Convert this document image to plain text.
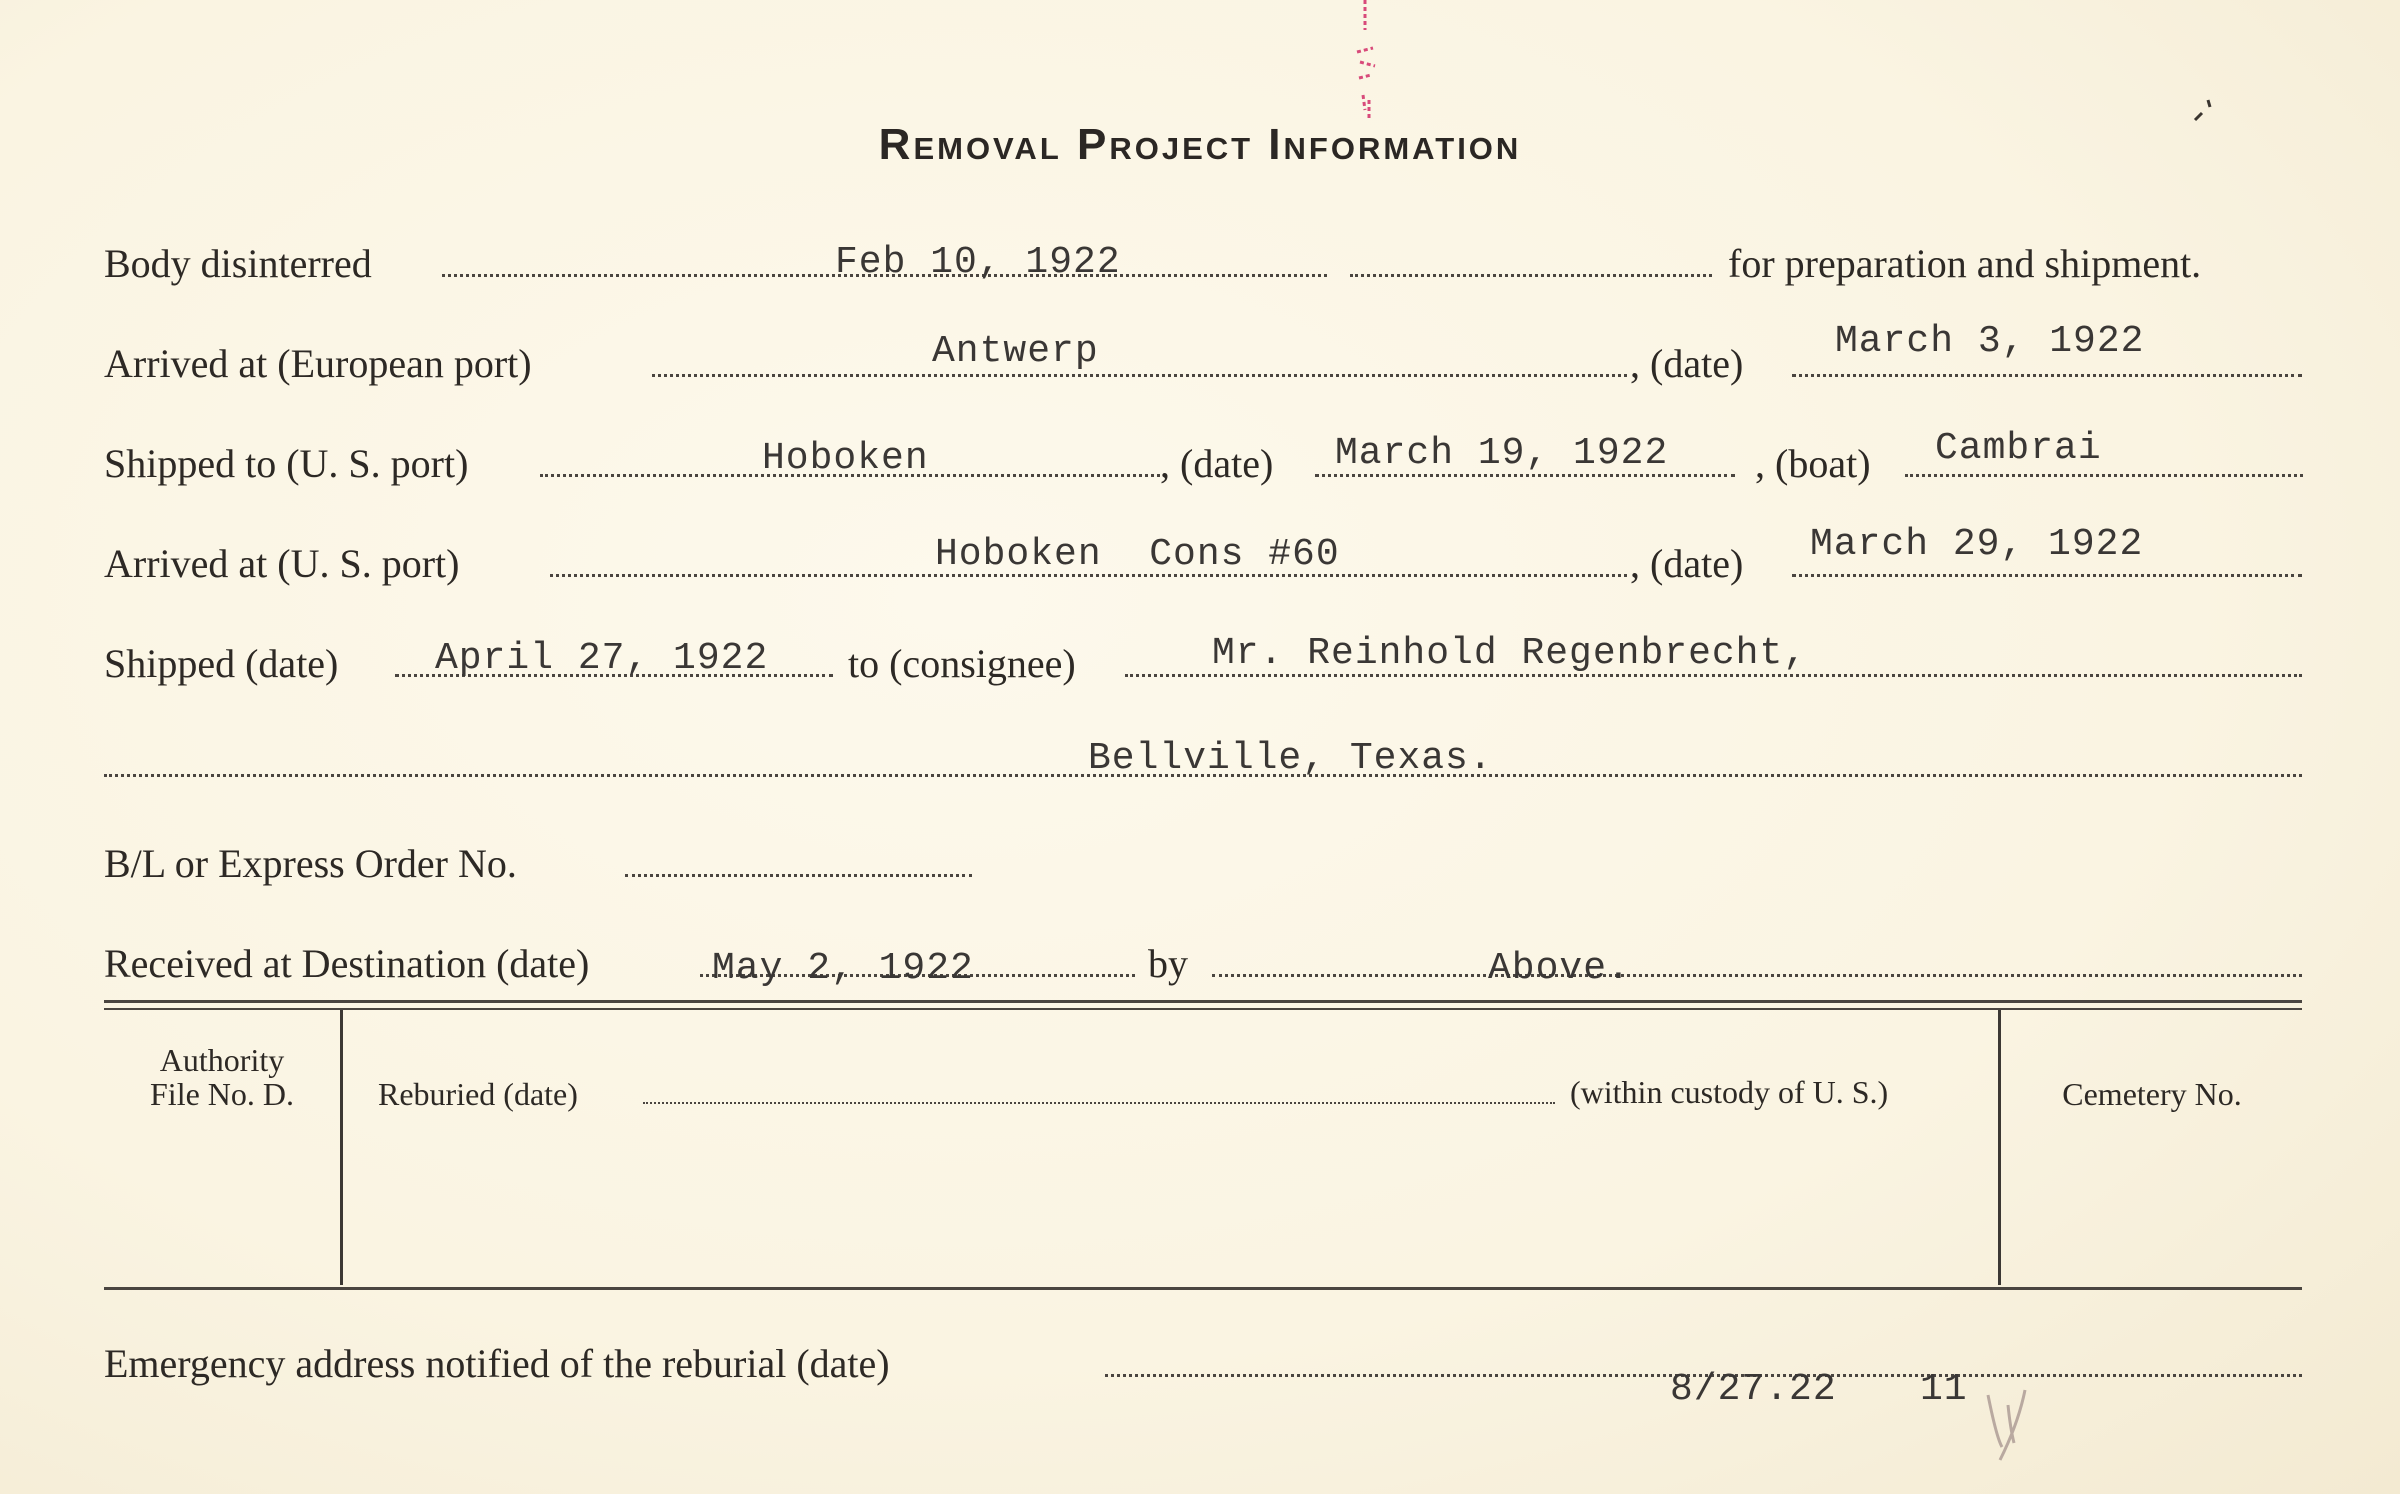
Removal Project Information
Body disinterred	Feb 10, 1922	for preparation and shipment.
Arrived at (European port)	Antwerp	, (date) March 3, 1922
Shipped to (U. S. port)	Hoboken	, (date) March 19, 1922 , (boat) Cambrai
Arrived at (U. S. port)	Hoboken  Cons #60	, (date) March 29, 1922
Shipped (date)	April 27, 1922 to (consignee)	Mr. Reinhold Regenbrecht,
Bellville, Texas.
B/L or Express Order No.
Received at Destination (date)	May 2, 1922	by	Above.
Authority
File No. D.	Reburied (date)	(within custody of U. S.)	Cemetery No.
Emergency address notified of the reburial (date)
8/27.22 11
